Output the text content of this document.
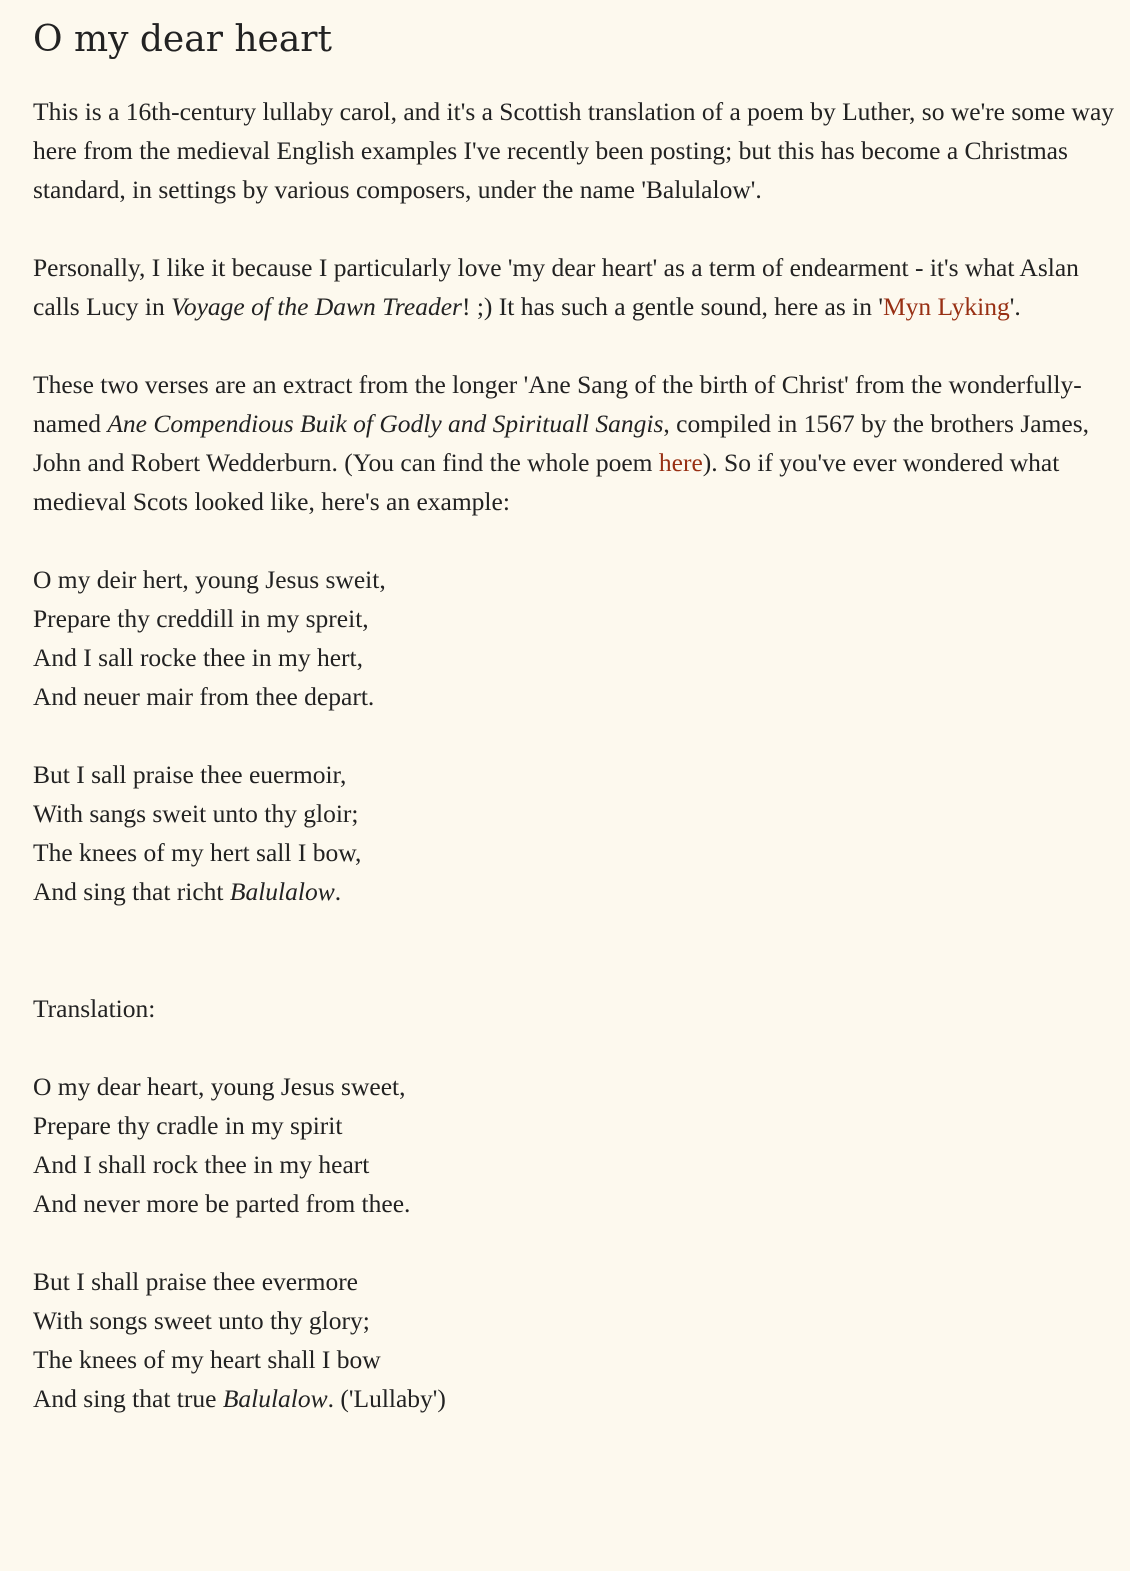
O my dear heart

This is a 16th-century lullaby carol, and it's a Scottish translation of a poem by Luther, so we're some way here from the medieval English examples I've recently been posting; but this has become a Christmas standard, in settings by various composers, under the name 'Balulalow'.

Personally, I like it because I particularly love 'my dear heart' as a term of endearment - it's what Aslan calls Lucy in Voyage of the Dawn Treader! ;) It has such a gentle sound, here as in 'Myn Lyking'.

These two verses are an extract from the longer 'Ane Sang of the birth of Christ' from the wonderfully-named Ane Compendious Buik of Godly and Spirituall Sangis, compiled in 1567 by the brothers James, John and Robert Wedderburn. (You can find the whole poem here). So if you've ever wondered what medieval Scots looked like, here's an example:

O my deir hert, young Jesus sweit,
Prepare thy creddill in my spreit,
And I sall rocke thee in my hert,
And neuer mair from thee depart.
But I sall praise thee euermoir,
With sangs sweit unto thy gloir;
The knees of my hert sall I bow,
And sing that richt Balulalow.

Translation:

O my dear heart, young Jesus sweet,
Prepare thy cradle in my spirit
And I shall rock thee in my heart
And never more be parted from thee.
But I shall praise thee evermore
With songs sweet unto thy glory;
The knees of my heart shall I bow
And sing that true Balulalow. ('Lullaby')
